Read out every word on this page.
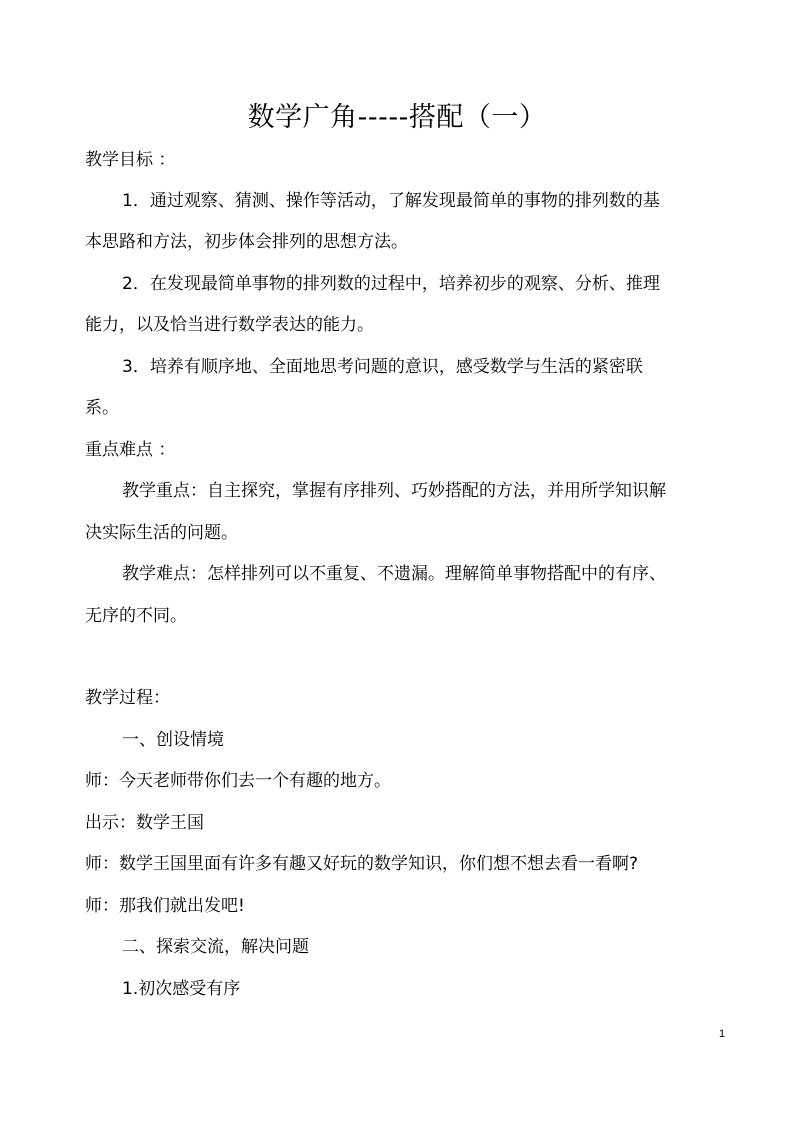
数学广角-----搭配（一）
教学目标 ：
1．通过观察、猜测、操作等活动，了解发现最简单的事物的排列数的基
本思路和方法，初步体会排列的思想方法。
2．在发现最简单事物的排列数的过程中，培养初步的观察、分析、推理
能力，以及恰当进行数学表达的能力。
3．培养有顺序地、全面地思考问题的意识，感受数学与生活的紧密联
系。
重点难点 ：
教学重点：自主探究，掌握有序排列、巧妙搭配的方法，并用所学知识解
决实际生活的问题。
教学难点：怎样排列可以不重复、不遗漏。理解简单事物搭配中的有序、
无序的不同。
教学过程：
一、创设情境
师：今天老师带你们去一个有趣的地方。
出示：数学王国
师：数学王国里面有许多有趣又好玩的数学知识，你们想不想去看一看啊?
师：那我们就出发吧!
二、探索交流，解决问题
1.初次感受有序
1
